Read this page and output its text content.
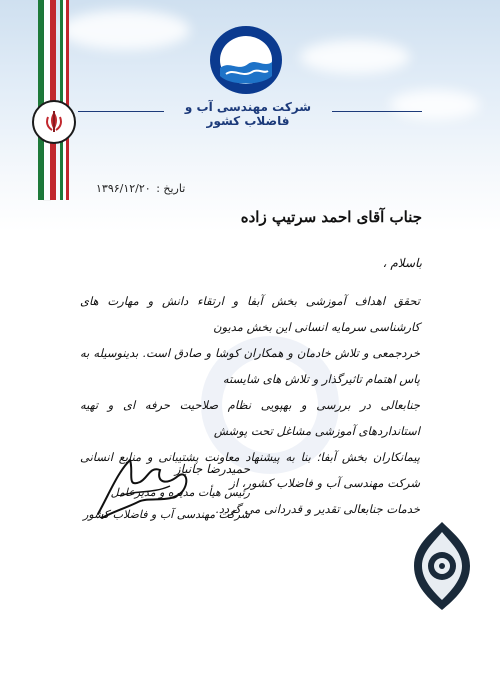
شرکت مهندسی آب و فاضلاب کشور
تاریخ : ۱۳۹۶/۱۲/۲۰
جناب آقای احمد سرتیپ زاده
باسلام ،
تحقق اهداف آموزشی بخش آبفا و ارتقاء دانش و مهارت های کارشناسی سرمایه انسانی این بخش مدیون
خردجمعی و تلاش خادمان و همکاران کوشا و صادق است. بدینوسیله به پاس اهتمام تاثیرگذار و تلاش های شایسته
جنابعالی در بررسی و بهپویی نظام صلاحیت حرفه ای و تهیه استانداردهای آموزشی مشاغل تحت پوشش
پیمانکاران بخش آبفا؛ بنا به پیشنهاد معاونت پشتیبانی و منابع انسانی شرکت مهندسی آب و فاضلاب کشور، از
خدمات جنابعالی تقدیر و قدردانی می گردد.
حمیدرضا جانباز
رئیس هیأت مدیره و مدیرعامل
شرکت مهندسی آب و فاضلاب کشور
